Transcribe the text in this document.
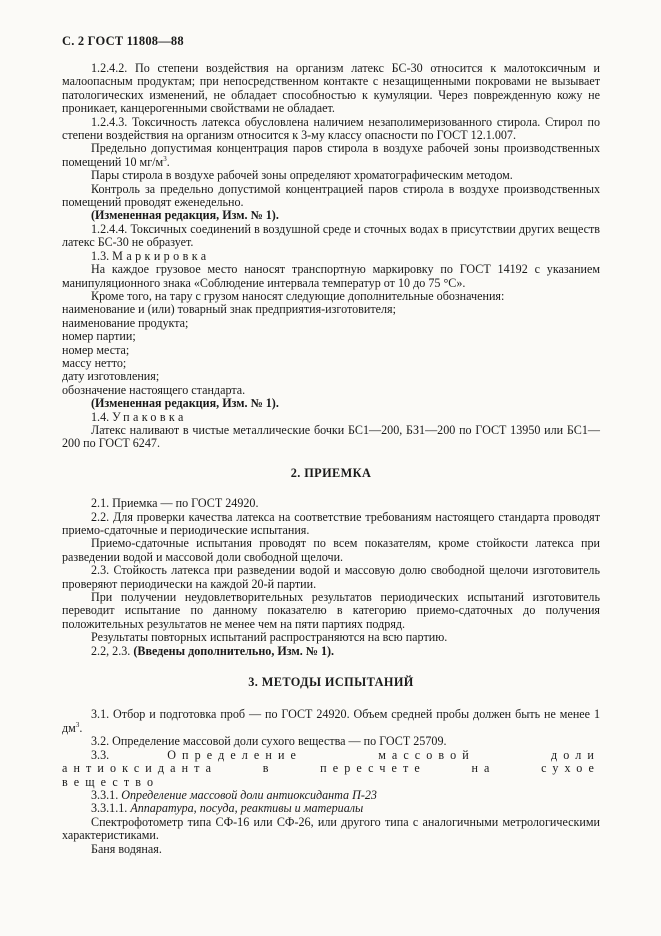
С. 2 ГОСТ 11808—88

1.2.4.2. По степени воздействия на организм латекс БС-30 относится к малотоксичным и малоопасным продуктам; при непосредственном контакте с незащищенными покровами не вызывает патологических изменений, не обладает способностью к кумуляции. Через поврежденную кожу не проникает, канцерогенными свойствами не обладает.

1.2.4.3. Токсичность латекса обусловлена наличием незаполимеризованного стирола. Стирол по степени воздействия на организм относится к 3-му классу опасности по ГОСТ 12.1.007.

Предельно допустимая концентрация паров стирола в воздухе рабочей зоны производственных помещений 10 $мг/м^3$.

Пары стирола в воздухе рабочей зоны определяют хроматографическим методом.

Контроль за предельно допустимой концентрацией паров стирола в воздухе производственных помещений проводят еженедельно.

(Измененная редакция, Изм. № 1).

1.2.4.4. Токсичных соединений в воздушной среде и сточных водах в присутствии других веществ латекс БС-30 не образует.

1.3. Маркировка

На каждое грузовое место наносят транспортную маркировку по ГОСТ 14192 с указанием манипуляционного знака «Соблюдение интервала температур от 10 до 75 °С».

Кроме того, на тару с грузом наносят следующие дополнительные обозначения:

наименование и (или) товарный знак предприятия-изготовителя;

наименование продукта;

номер партии;

номер места;

массу нетто;

дату изготовления;

обозначение настоящего стандарта.

(Измененная редакция, Изм. № 1).

1.4. Упаковка

Латекс наливают в чистые металлические бочки БС1—200, БЗ1—200 по ГОСТ 13950 или БС1—200 по ГОСТ 6247.

2. ПРИЕМКА

2.1. Приемка — по ГОСТ 24920.

2.2. Для проверки качества латекса на соответствие требованиям настоящего стандарта проводят приемо-сдаточные и периодические испытания.

Приемо-сдаточные испытания проводят по всем показателям, кроме стойкости латекса при разведении водой и массовой доли свободной щелочи.

2.3. Стойкость латекса при разведении водой и массовую долю свободной щелочи изготовитель проверяют периодически на каждой 20-й партии.

При получении неудовлетворительных результатов периодических испытаний изготовитель переводит испытание по данному показателю в категорию приемо-сдаточных до получения положительных результатов не менее чем на пяти партиях подряд.

Результаты повторных испытаний распространяются на всю партию.

2.2, 2.3. (Введены дополнительно, Изм. № 1).

3. МЕТОДЫ ИСПЫТАНИЙ

3.1. Отбор и подготовка проб — по ГОСТ 24920. Объем средней пробы должен быть не менее 1 $дм^3$.

3.2. Определение массовой доли сухого вещества — по ГОСТ 25709.

3.3.	Определение массовой доли антиоксиданта в пересчете на сухое вещество

3.3.1. Определение массовой доли антиоксиданта П-23

3.3.1.1. Аппаратура, посуда, реактивы и материалы

Спектрофотометр типа СФ-16 или СФ-26, или другого типа с аналогичными метрологическими характеристиками.

Баня водяная.
